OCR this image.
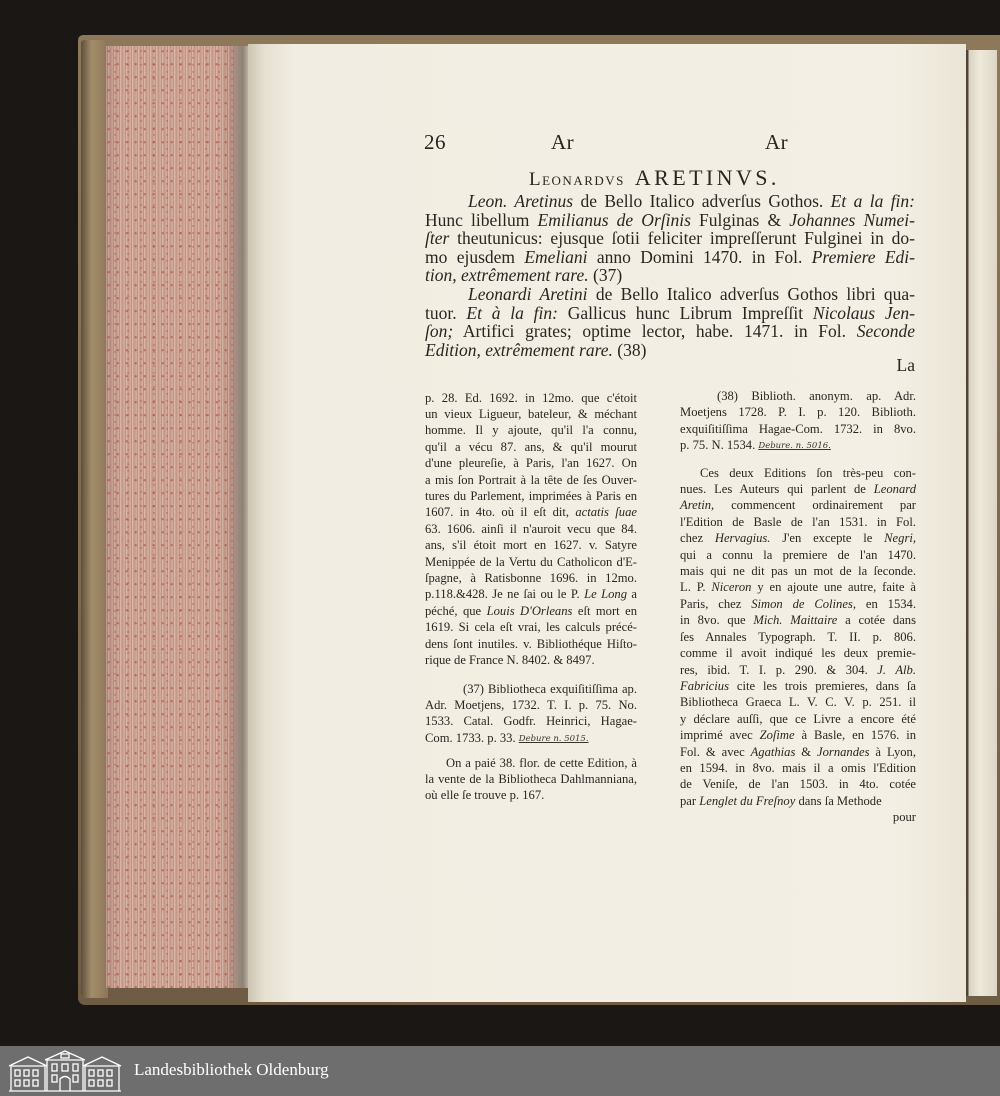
26	Ar	Ar
Leonardvs ARETINVS.
Leon. Aretinus de Bello Italico adverſus Gothos. Et a la fin:
Hunc libellum Emilianus de Orſinis Fulginas & Johannes Numei-
ſter theutunicus: ejusque ſotii feliciter impreſſerunt Fulginei in do-
mo ejusdem Emeliani anno Domini 1470. in Fol. Premiere Edi-
tion, extrêmement rare. (37)
Leonardi Aretini de Bello Italico adverſus Gothos libri qua-
tuor. Et à la fin: Gallicus hunc Librum Impreſſit Nicolaus Jen-
ſon; Artifici grates; optime lector, habe. 1471. in Fol. Seconde
Edition, extrêmement rare. (38)
La
p. 28. Ed. 1692. in 12mo. que c'étoit
un vieux Ligueur, bateleur, & méchant
homme. Il y ajoute, qu'il l'a connu,
qu'il a vécu 87. ans, & qu'il mourut
d'une pleureſie, à Paris, l'an 1627. On
a mis ſon Portrait à la tête de ſes Ouver-
tures du Parlement, imprimées à Paris en
1607. in 4to. où il eſt dit, actatis ſuae
63. 1606. ainſi il n'auroit vecu que 84.
ans, s'il étoit mort en 1627. v. Satyre
Menippée de la Vertu du Catholicon d'E-
ſpagne, à Ratisbonne 1696. in 12mo.
p.118.&428. Je ne ſai ou le P. Le Long a
péché, que Louis D'Orleans eſt mort en
1619. Si cela eſt vrai, les calculs précé-
dens ſont inutiles. v. Bibliothéque Hiſto-
rique de France N. 8402. & 8497.
(37) Bibliotheca exquiſitiſſima ap.
Adr. Moetjens, 1732. T. I. p. 75. No.
1533. Catal. Godfr. Heinrici, Hagae-
Com. 1733. p. 33. Debure n. 5015.
On a paié 38. flor. de cette Edition, à
la vente de la Bibliotheca Dahlmanniana,
où elle ſe trouve p. 167.
(38) Biblioth. anonym. ap. Adr.
Moetjens 1728. P. I. p. 120. Biblioth.
exquiſitiſſima Hagae-Com. 1732. in 8vo.
p. 75. N. 1534. Debure. n. 5016.
Ces deux Editions ſon très-peu con-
nues. Les Auteurs qui parlent de Leonard
Aretin, commencent ordinairement par
l'Edition de Basle de l'an 1531. in Fol.
chez Hervagius. J'en excepte le Negri,
qui a connu la premiere de l'an 1470.
mais qui ne dit pas un mot de la ſeconde.
L. P. Niceron y en ajoute une autre, faite à
Paris, chez Simon de Colines, en 1534.
in 8vo. que Mich. Maittaire a cotée dans
ſes Annales Typograph. T. II. p. 806.
comme il avoit indiqué les deux premie-
res, ibid. T. I. p. 290. & 304. J. Alb.
Fabricius cite les trois premieres, dans ſa
Bibliotheca Graeca L. V. C. V. p. 251. il
y déclare auſſi, que ce Livre a encore été
imprimé avec Zoſime à Basle, en 1576. in
Fol. & avec Agathias & Jornandes à Lyon,
en 1594. in 8vo. mais il a omis l'Edition
de Veniſe, de l'an 1503. in 4to. cotée
par Lenglet du Freſnoy dans ſa Methode
pour
Landesbibliothek Oldenburg
